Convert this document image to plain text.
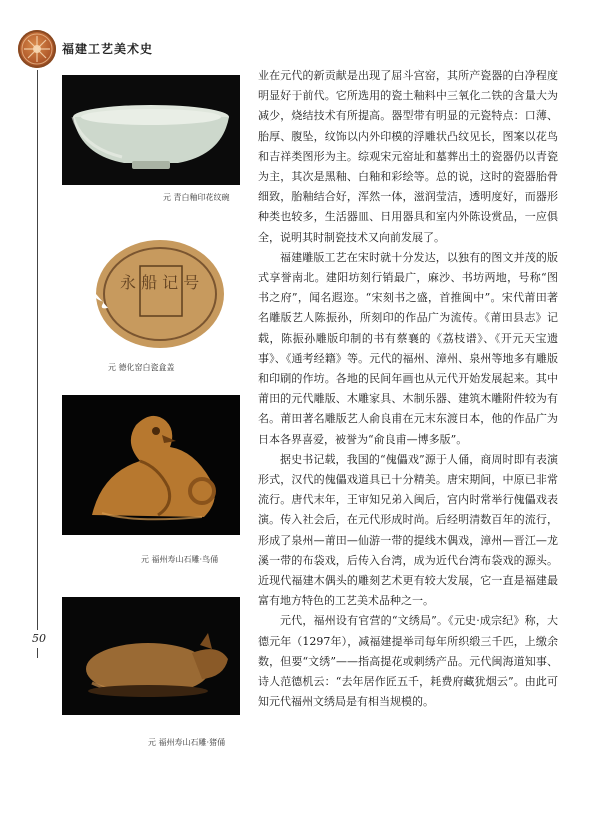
福建工艺美术史
50
元 青白釉印花纹碗
永 船 记 号
元 德化窑白瓷盒盖
元 福州寿山石雕·鸟俑
元 福州寿山石雕·猪俑

业在元代的新贡献是出现了屈斗宫窑，其所产瓷器的白净程度明显好于前代。它所选用的瓷土釉料中三氧化二铁的含量大为减少，烧结技术有所提高。器型带有明显的元瓷特点：口薄、胎厚、腹坠，纹饰以内外印模的浮雕状凸纹见长，图案以花鸟和吉祥类图形为主。综观宋元窑址和墓葬出土的瓷器仍以青瓷为主，其次是黑釉、白釉和彩绘等。总的说，这时的瓷器胎骨细致，胎釉结合好，浑然一体，滋润莹洁，透明度好，而器形种类也较多，生活器皿、日用器具和室内外陈设赏品，一应俱全，说明其时制瓷技术又向前发展了。

福建雕版工艺在宋时就十分发达，以独有的图文并茂的版式享誉南北。建阳坊刻行销最广，麻沙、书坊两地，号称“图书之府”，闻名遐迩。“宋刻书之盛，首推闽中”。宋代莆田著名雕版艺人陈振孙，所刻印的作品广为流传。《莆田县志》记载，陈振孙雕版印制的书有蔡襄的《荔枝谱》、《开元天宝遗事》、《通考经籍》等。元代的福州、漳州、泉州等地多有雕版和印刷的作坊。各地的民间年画也从元代开始发展起来。其中莆田的元代雕版、木雕家具、木制乐器、建筑木雕附件较为有名。莆田著名雕版艺人俞良甫在元末东渡日本，他的作品广为日本各界喜爱，被誉为“俞良甫—博多版”。

据史书记载，我国的“傀儡戏”源于人俑，商周时即有表演形式，汉代的傀儡戏道具已十分精美。唐宋期间，中原已非常流行。唐代末年，王审知兄弟入闽后，宫内时常举行傀儡戏表演。传入社会后，在元代形成时尚。后经明清数百年的流行，形成了泉州—莆田—仙游一带的提线木偶戏，漳州—晋江—龙溪一带的布袋戏，后传入台湾，成为近代台湾布袋戏的源头。近现代福建木偶头的雕刻艺术更有较大发展，它一直是福建最富有地方特色的工艺美术品种之一。

元代，福州设有官营的“文绣局”。《元史·成宗纪》称，大德元年（1297年），减福建提举司每年所织缎三千匹，上缴余数，但要“文绣”——指高提花或刺绣产品。元代闽海道知事、诗人范德机云：“去年居作匠五千，耗费府藏犹烟云”。由此可知元代福州文绣局是有相当规模的。
